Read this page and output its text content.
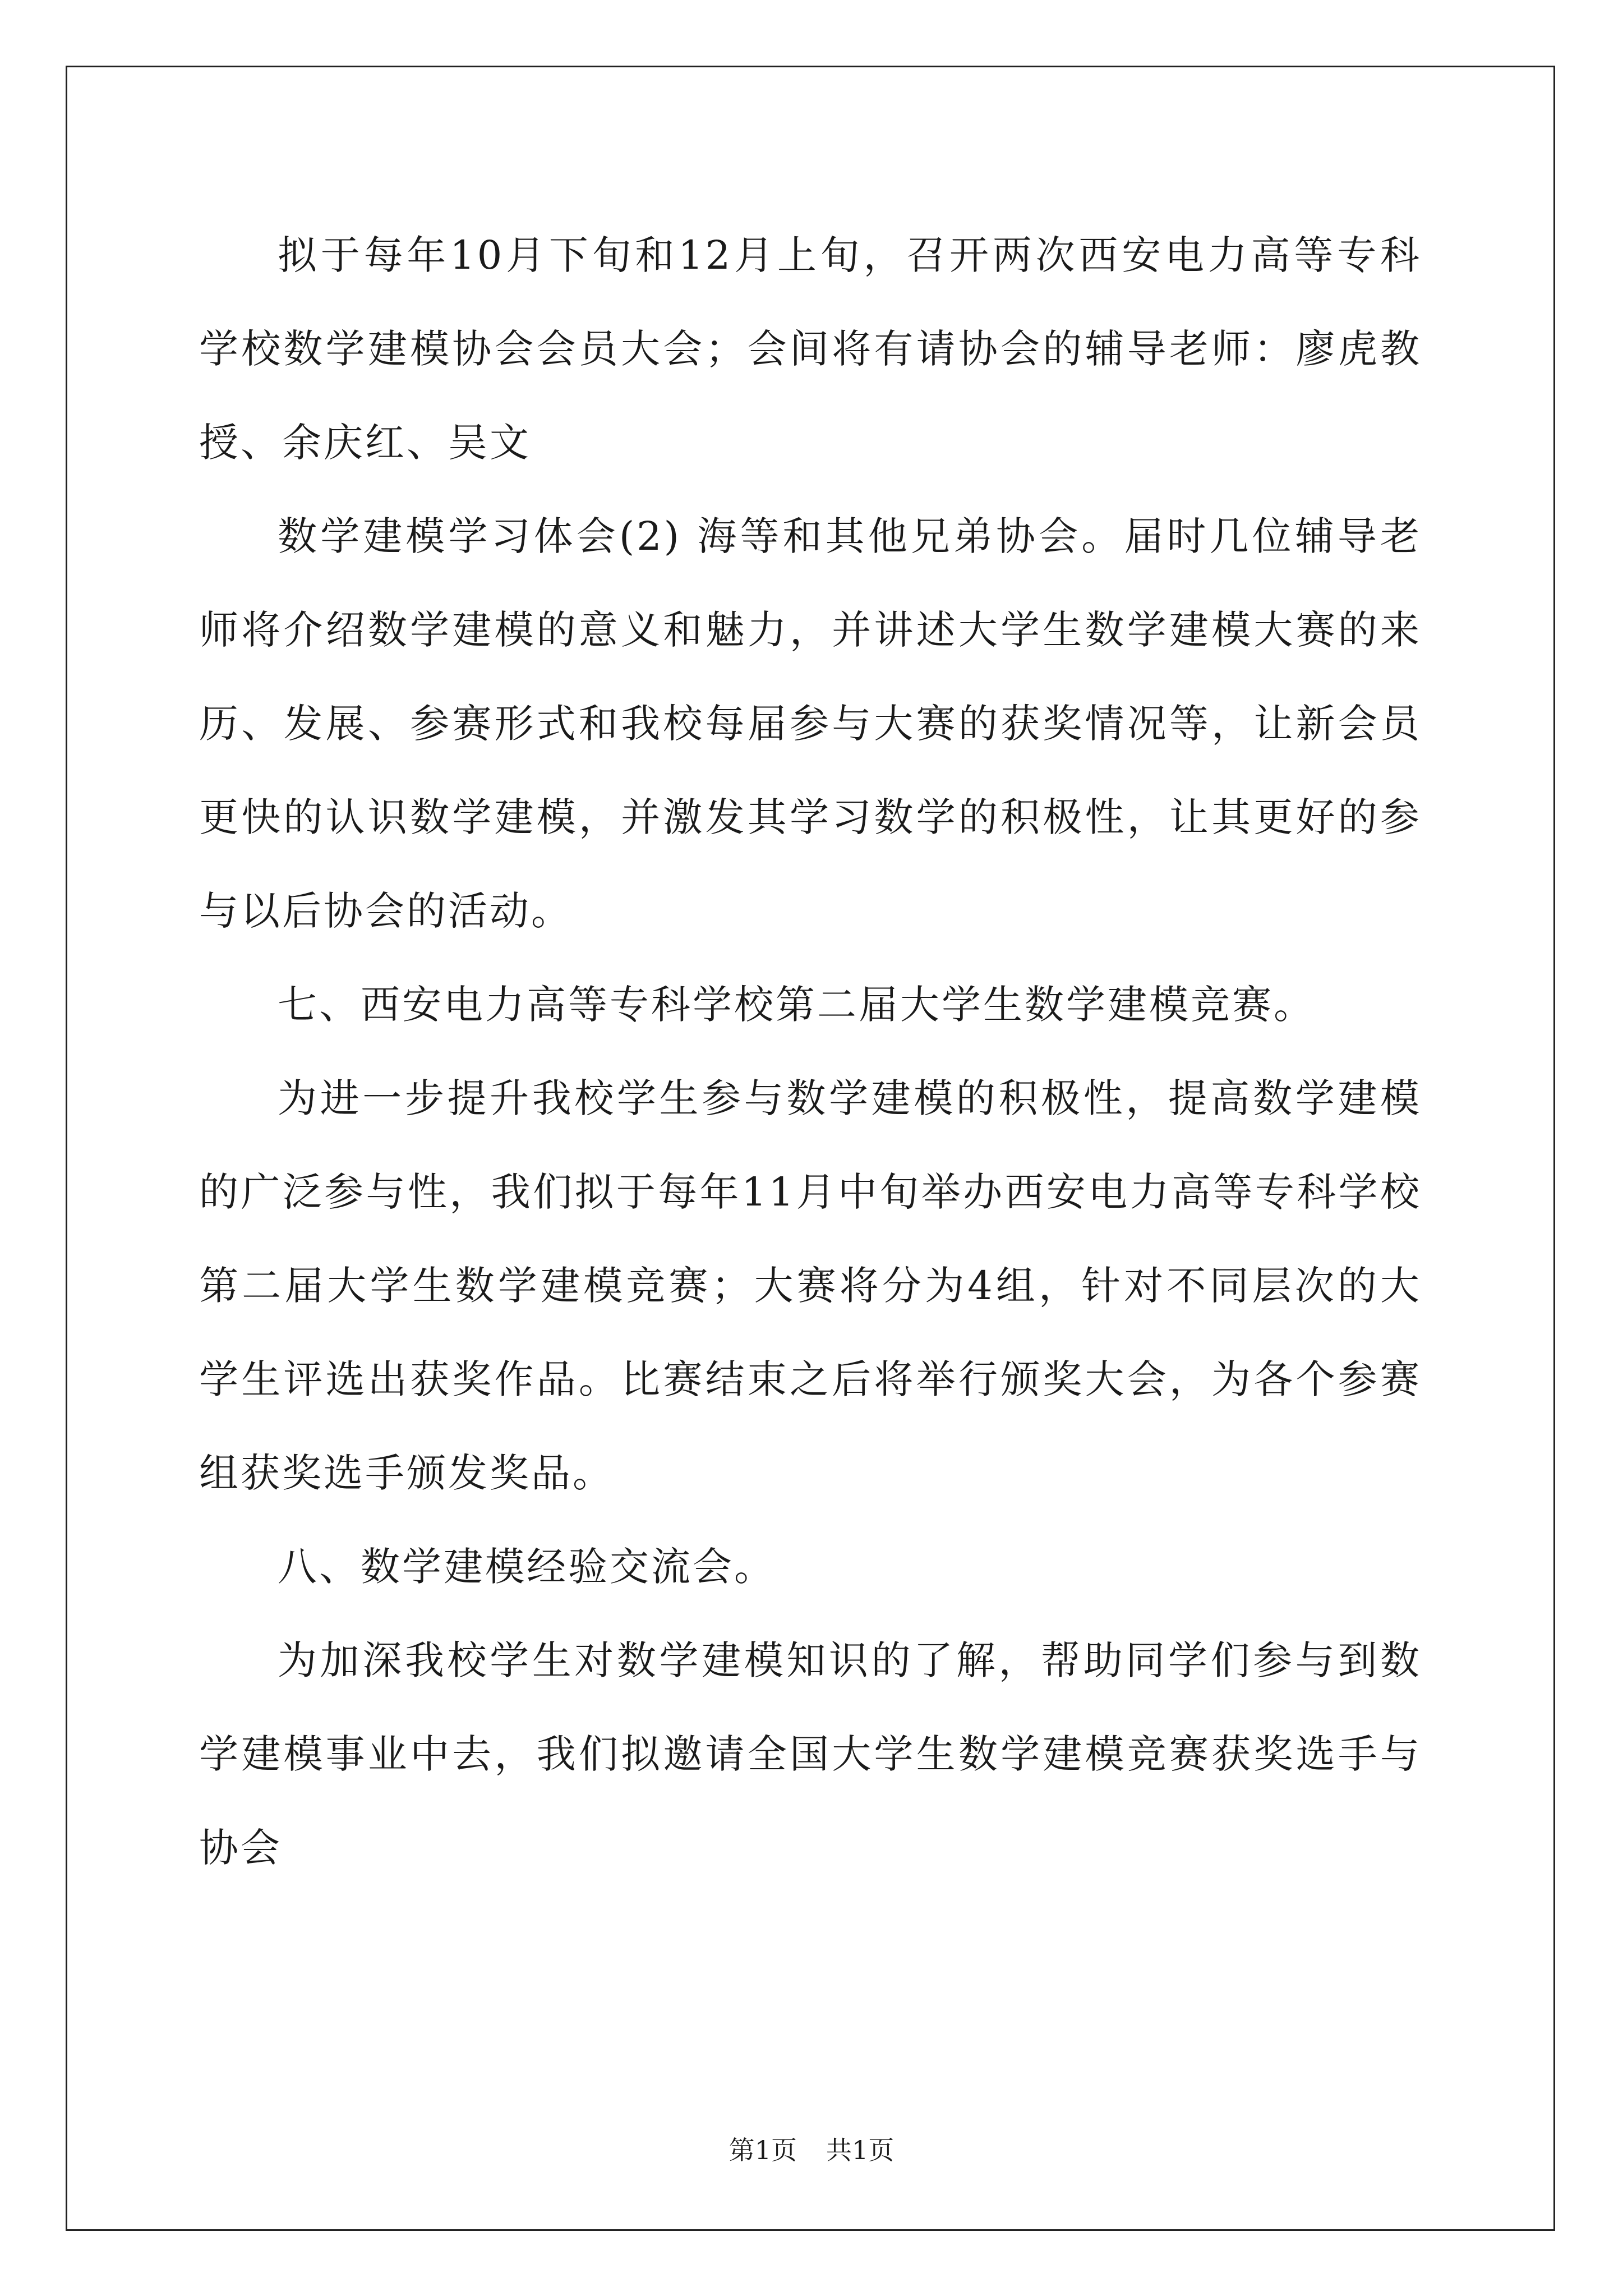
拟于每年10月下旬和12月上旬，召开两次西安电力高等专科学校数学建模协会会员大会；会间将有请协会的辅导老师：廖虎教授、余庆红、吴文

数学建模学习体会(2) 海等和其他兄弟协会。届时几位辅导老师将介绍数学建模的意义和魅力，并讲述大学生数学建模大赛的来历、发展、参赛形式和我校每届参与大赛的获奖情况等，让新会员更快的认识数学建模，并激发其学习数学的积极性，让其更好的参与以后协会的活动。

七、西安电力高等专科学校第二届大学生数学建模竞赛。

为进一步提升我校学生参与数学建模的积极性，提高数学建模的广泛参与性，我们拟于每年11月中旬举办西安电力高等专科学校第二届大学生数学建模竞赛；大赛将分为4组，针对不同层次的大学生评选出获奖作品。比赛结束之后将举行颁奖大会，为各个参赛组获奖选手颁发奖品。

八、数学建模经验交流会。

为加深我校学生对数学建模知识的了解，帮助同学们参与到数学建模事业中去，我们拟邀请全国大学生数学建模竞赛获奖选手与协会

第1页 共1页
